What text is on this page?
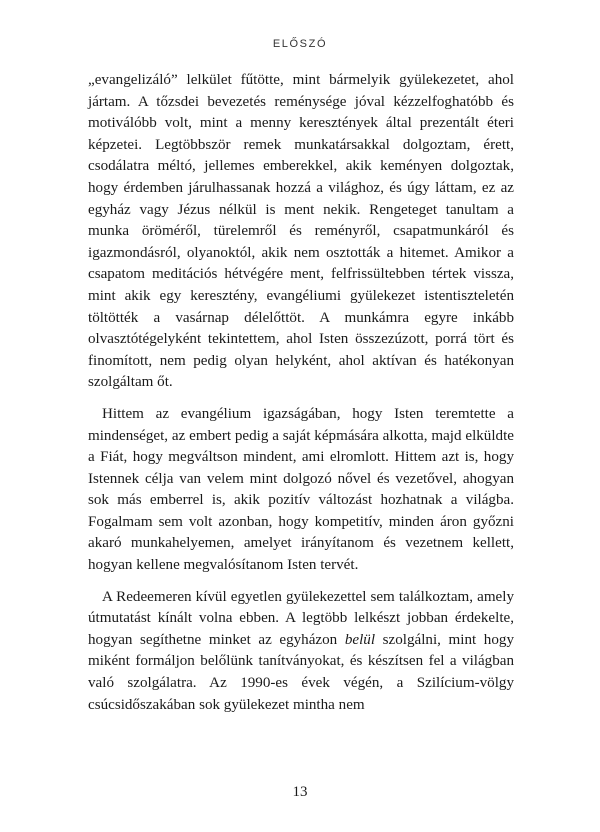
ELŐSZÓ

„evangelizáló” lelkület fűtötte, mint bármelyik gyülekezetet, ahol jártam. A tőzsdei bevezetés reménysége jóval kézzelfoghatóbb és motiválóbb volt, mint a menny keresztények által prezentált éteri képzetei. Legtöbbször remek munkatársakkal dolgoztam, érett, csodálatra méltó, jellemes emberekkel, akik keményen dolgoztak, hogy érdemben járulhassanak hozzá a világhoz, és úgy láttam, ez az egyház vagy Jézus nélkül is ment nekik. Rengeteget tanultam a munka öröméről, türelemről és reményről, csapatmunkáról és igazmondásról, olyanoktól, akik nem osztották a hitemet. Amikor a csapatom meditációs hétvégére ment, felfrissültebben tértek vissza, mint akik egy keresztény, evangéliumi gyülekezet istentiszteletén töltötték a vasárnap délelőttöt. A munkámra egyre inkább olvasztótégelyként tekintettem, ahol Isten összezúzott, porrá tört és finomított, nem pedig olyan helyként, ahol aktívan és hatékonyan szolgáltam őt.

Hittem az evangélium igazságában, hogy Isten teremtette a mindenséget, az embert pedig a saját képmására alkotta, majd elküldte a Fiát, hogy megváltson mindent, ami elromlott. Hittem azt is, hogy Istennek célja van velem mint dolgozó nővel és vezetővel, ahogyan sok más emberrel is, akik pozitív változást hozhatnak a világba. Fogalmam sem volt azonban, hogy kompetitív, minden áron győzni akaró munkahelyemen, amelyet irányítanom és vezetnem kellett, hogyan kellene megvalósítanom Isten tervét.

A Redeemeren kívül egyetlen gyülekezettel sem találkoztam, amely útmutatást kínált volna ebben. A legtöbb lelkészt jobban érdekelte, hogyan segíthetne minket az egyházon belül szolgálni, mint hogy miként formáljon belőlünk tanítványokat, és készítsen fel a világban való szolgálatra. Az 1990-es évek végén, a Szilícium-völgy csúcsidőszakában sok gyülekezet mintha nem

13
